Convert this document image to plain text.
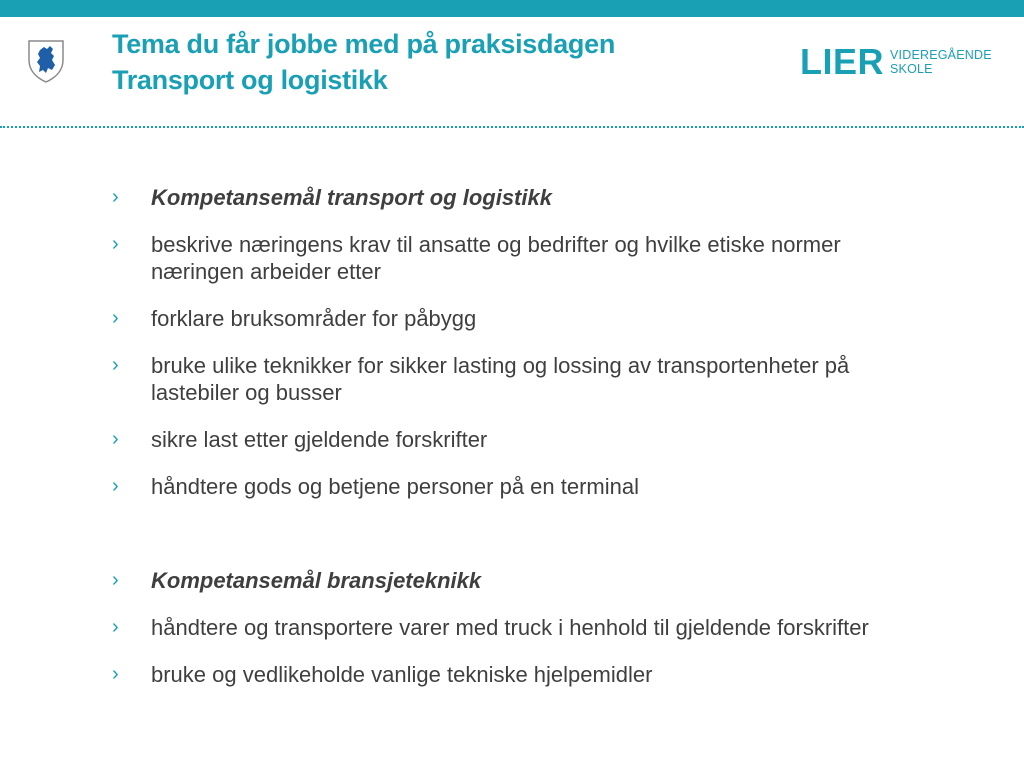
Tema du får jobbe med på praksisdagen
Transport og logistikk	LIER VIDEREGÅENDE
SKOLE
›	Kompetansemål transport og logistikk
›	beskrive næringens krav til ansatte og bedrifter og hvilke etiske normer næringen arbeider etter
›	forklare bruksområder for påbygg
›	bruke ulike teknikker for sikker lasting og lossing av transportenheter på lastebiler og busser
›	sikre last etter gjeldende forskrifter
›	håndtere gods og betjene personer på en terminal
›	Kompetansemål bransjeteknikk
›	håndtere og transportere varer med truck i henhold til gjeldende forskrifter
›	bruke og vedlikeholde vanlige tekniske hjelpemidler
